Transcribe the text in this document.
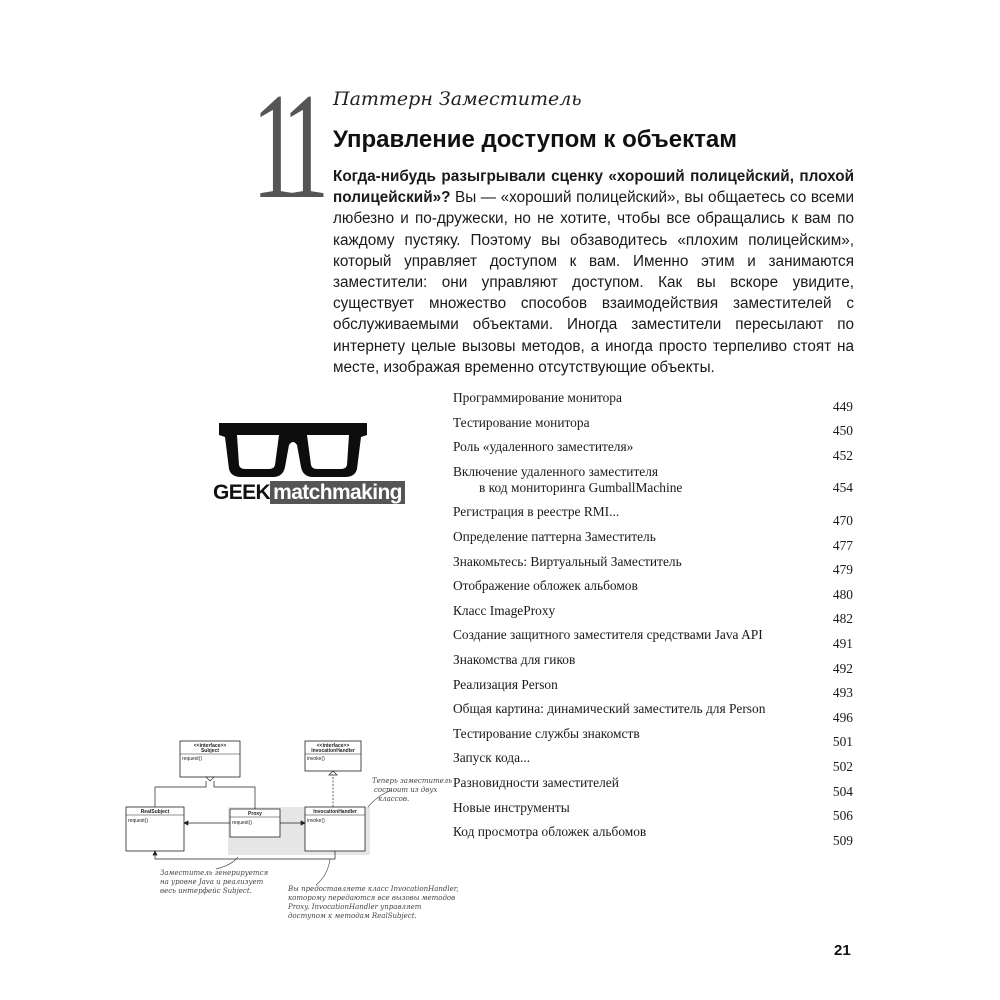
11 Паттерн Заместитель
Управление доступом к объектам
Когда-нибудь разыгрывали сценку «хороший полицейский, плохой полицейский»? Вы — «хороший полицейский», вы общаетесь со всеми любезно и по-дружески, но не хотите, чтобы все обращались к вам по каждому пустяку. Поэтому вы обзаводитесь «плохим полицейским», который управляет доступом к вам. Именно этим и занимаются заместители: они управляют доступом. Как вы вскоре увидите, существует множество способов взаимодействия заместителей с обслуживаемыми объектами. Иногда заместители пересылают по интернету целые вызовы методов, а иногда просто терпеливо стоят на месте, изображая временно отсутствующие объекты.
GEEK matchmaking
Программирование монитора
449
Тестирование монитора
450
Роль «удаленного заместителя»
452
Включение удаленного заместителя
в код мониторинга GumballMachine	454
Регистрация в реестре RMI...
470
Определение паттерна Заместитель
477
Знакомьтесь: Виртуальный Заместитель
479
Отображение обложек альбомов
480
Класс ImageProxy
482
Создание защитного заместителя средствами Java API
491
Знакомства для гиков
492
Реализация Person
493
Общая картина: динамический заместитель для Person
496
Тестирование службы знакомств
501
Запуск кода...
502
Разновидности заместителей
504
Новые инструменты
506
Код просмотра обложек альбомов
509
<<interface>>
Subject
request()
<<interface>>
InvocationHandler
invoke()
RealSubject
request()
Proxy
request()
InvocationHandler
invoke()
Теперь заместитель
состоит из двух
классов.
Заместитель генерируется
на уровне Java и реализует
весь интерфейс Subject.	Вы предоставляете класс InvocationHandler,
которому передаются все вызовы методов
Proxy. InvocationHandler управляет
доступом к методам RealSubject.
21
